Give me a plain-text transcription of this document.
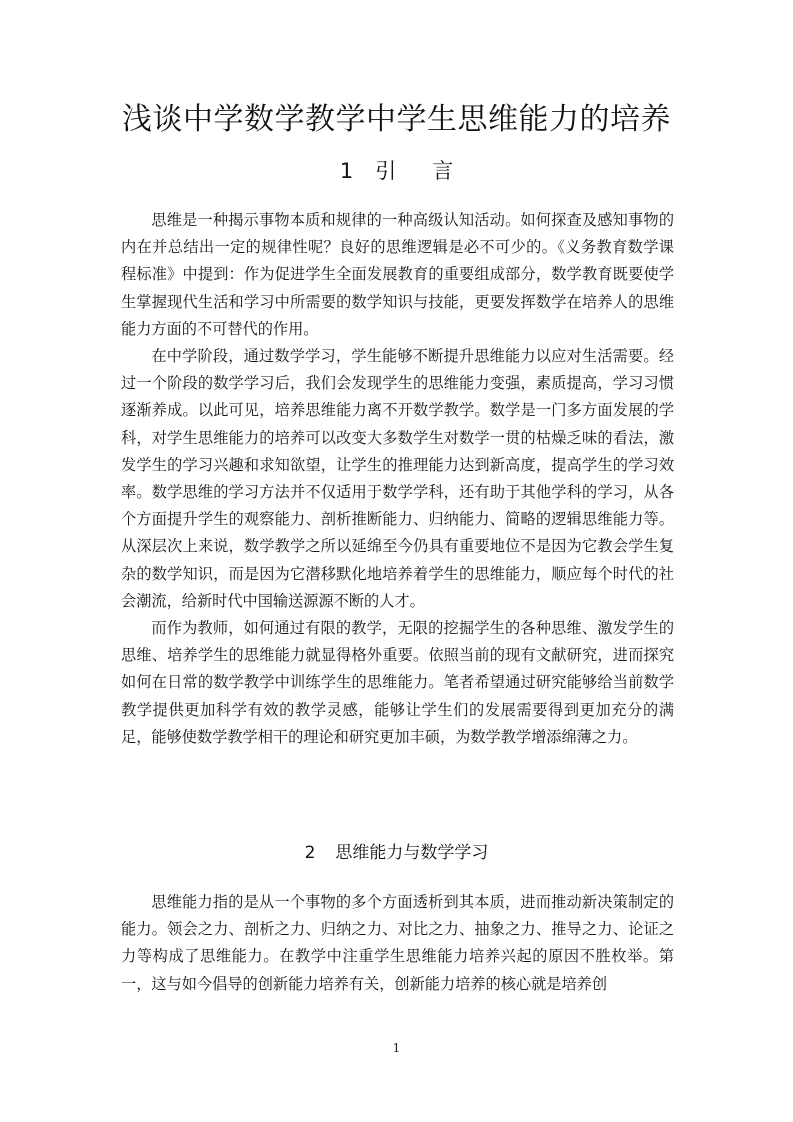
浅谈中学数学教学中学生思维能力的培养
1 引 言

思维是一种揭示事物本质和规律的一种高级认知活动。如何探查及感知事物的内在并总结出一定的规律性呢？良好的思维逻辑是必不可少的。《义务教育数学课程标准》中提到：作为促进学生全面发展教育的重要组成部分，数学教育既要使学生掌握现代生活和学习中所需要的数学知识与技能，更要发挥数学在培养人的思维能力方面的不可替代的作用。

在中学阶段，通过数学学习，学生能够不断提升思维能力以应对生活需要。经过一个阶段的数学学习后，我们会发现学生的思维能力变强，素质提高，学习习惯逐渐养成。以此可见，培养思维能力离不开数学教学。数学是一门多方面发展的学科，对学生思维能力的培养可以改变大多数学生对数学一贯的枯燥乏味的看法，激发学生的学习兴趣和求知欲望，让学生的推理能力达到新高度，提高学生的学习效率。数学思维的学习方法并不仅适用于数学学科，还有助于其他学科的学习，从各个方面提升学生的观察能力、剖析推断能力、归纳能力、简略的逻辑思维能力等。从深层次上来说，数学教学之所以延绵至今仍具有重要地位不是因为它教会学生复杂的数学知识，而是因为它潜移默化地培养着学生的思维能力，顺应每个时代的社会潮流，给新时代中国输送源源不断的人才。

而作为教师，如何通过有限的教学，无限的挖掘学生的各种思维、激发学生的思维、培养学生的思维能力就显得格外重要。依照当前的现有文献研究，进而探究如何在日常的数学教学中训练学生的思维能力。笔者希望通过研究能够给当前数学教学提供更加科学有效的教学灵感，能够让学生们的发展需要得到更加充分的满足，能够使数学教学相干的理论和研究更加丰硕，为数学教学增添绵薄之力。

2 思维能力与数学学习

思维能力指的是从一个事物的多个方面透析到其本质，进而推动新决策制定的能力。领会之力、剖析之力、归纳之力、对比之力、抽象之力、推导之力、论证之力等构成了思维能力。在教学中注重学生思维能力培养兴起的原因不胜枚举。第一，这与如今倡导的创新能力培养有关，创新能力培养的核心就是培养创

1
